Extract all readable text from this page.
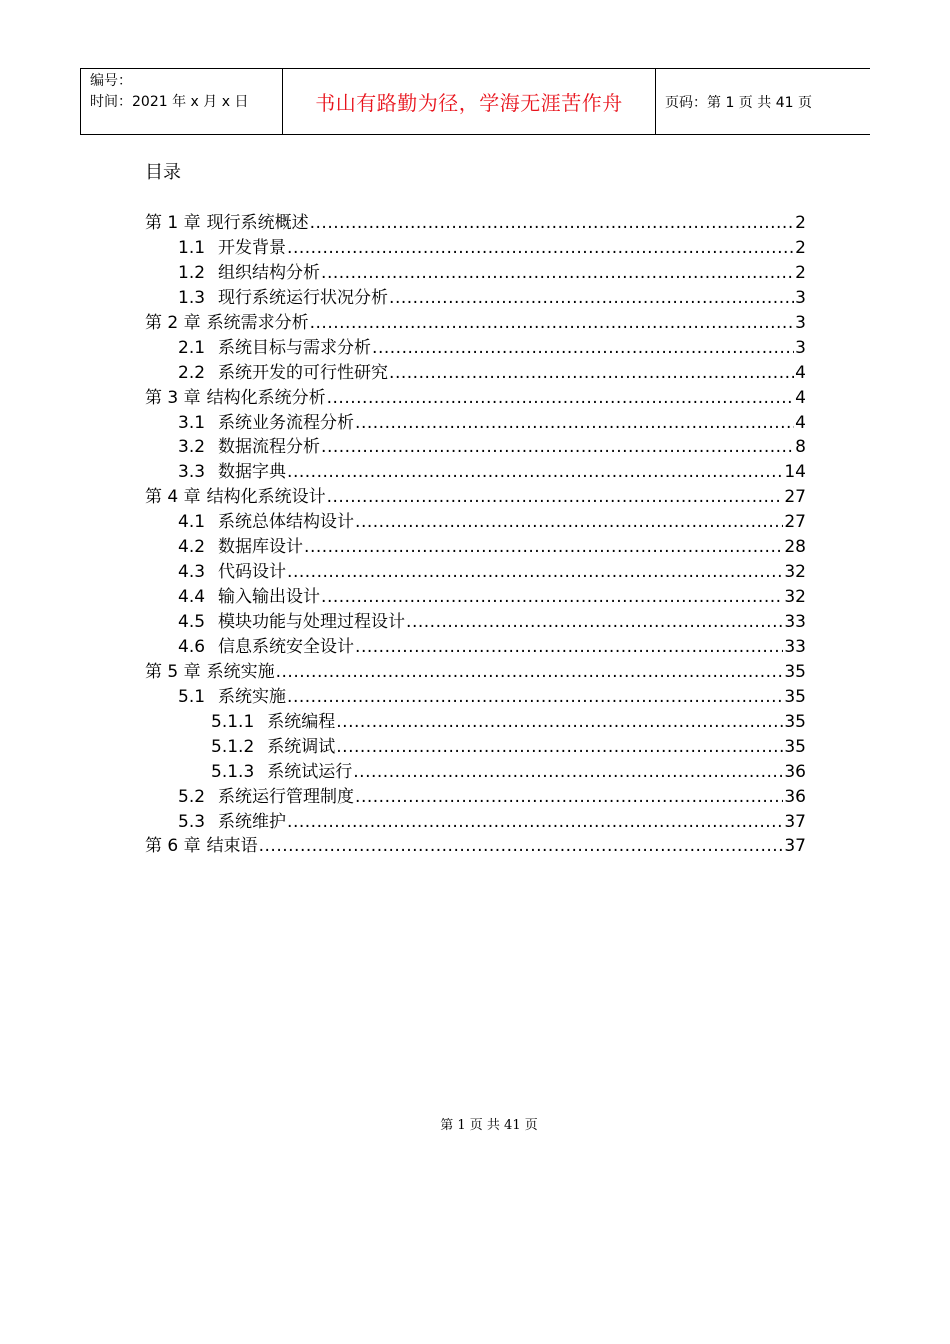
编号：
时间：2021 年 x 月 x 日	书山有路勤为径，学海无涯苦作舟	页码：第 1 页 共 41 页
目录
第 1 章 现行系统概述 .....	2
1.1 开发背景 .....	2
1.2 组织结构分析 .....	2
1.3 现行系统运行状况分析 .....	3
第 2 章 系统需求分析 .....	3
2.1 系统目标与需求分析 .....	3
2.2 系统开发的可行性研究 .....	4
第 3 章 结构化系统分析 .....	4
3.1 系统业务流程分析 .....	4
3.2 数据流程分析 .....	8
3.3 数据字典 .....	14
第 4 章 结构化系统设计 .....	27
4.1 系统总体结构设计 .....	27
4.2 数据库设计 .....	28
4.3 代码设计 .....	32
4.4 输入输出设计 .....	32
4.5 模块功能与处理过程设计 .....	33
4.6 信息系统安全设计 .....	33
第 5 章 系统实施 .....	35
5.1 系统实施 .....	35
5.1.1 系统编程 .....	35
5.1.2 系统调试 .....	35
5.1.3 系统试运行 .....	36
5.2 系统运行管理制度 .....	36
5.3 系统维护 .....	37
第 6 章 结束语 .....	37
第 1 页 共 41 页
